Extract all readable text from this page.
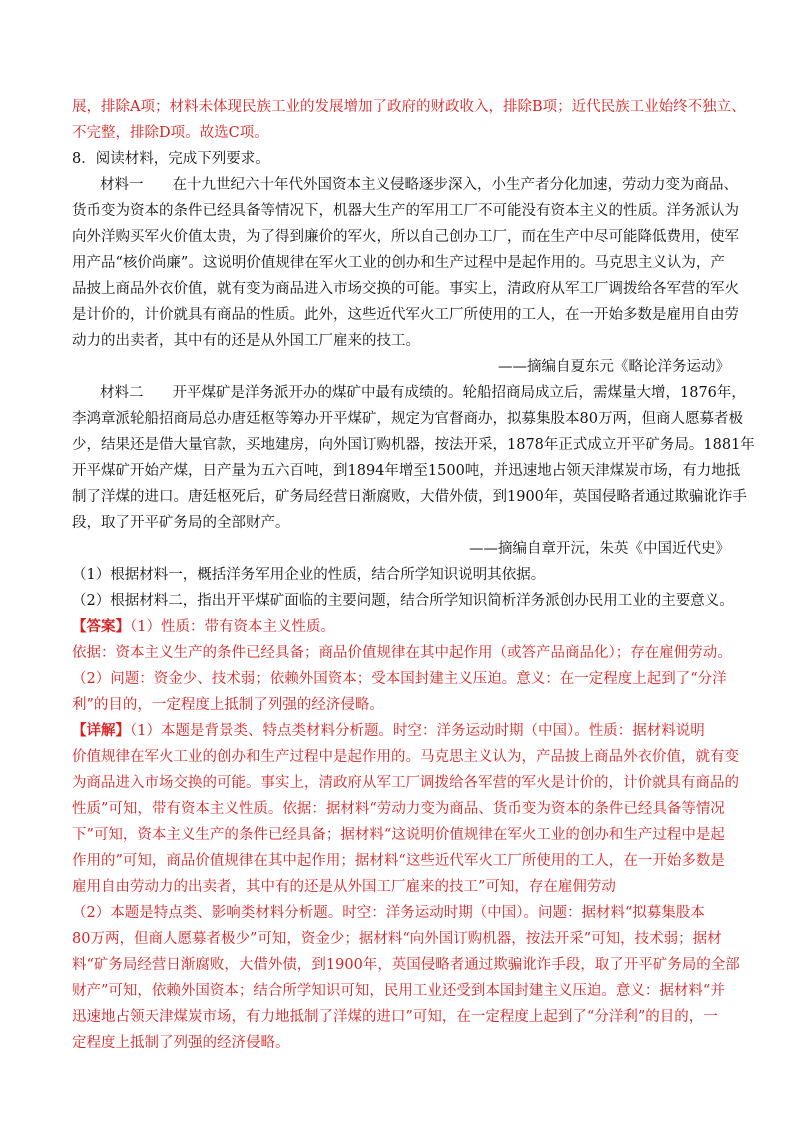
展，排除A项；材料未体现民族工业的发展增加了政府的财政收入，排除B项；近代民族工业始终不独立、
不完整，排除D项。故选C项。
8．阅读材料，完成下列要求。
材料一　　在十九世纪六十年代外国资本主义侵略逐步深入，小生产者分化加速，劳动力变为商品、
货币变为资本的条件已经具备等情况下，机器大生产的军用工厂不可能没有资本主义的性质。洋务派认为
向外洋购买军火价值太贵，为了得到廉价的军火，所以自己创办工厂，而在生产中尽可能降低费用，使军
用产品“核价尚廉”。这说明价值规律在军火工业的创办和生产过程中是起作用的。马克思主义认为，产
品披上商品外衣价值，就有变为商品进入市场交换的可能。事实上，清政府从军工厂调拨给各军营的军火
是计价的，计价就具有商品的性质。此外，这些近代军火工厂所使用的工人，在一开始多数是雇用自由劳
动力的出卖者，其中有的还是从外国工厂雇来的技工。
——摘编自夏东元《略论洋务运动》
材料二　　开平煤矿是洋务派开办的煤矿中最有成绩的。轮船招商局成立后，需煤量大增，1876年，
李鸿章派轮船招商局总办唐廷枢等筹办开平煤矿，规定为官督商办，拟募集股本80万两，但商人愿募者极
少，结果还是借大量官款，买地建房，向外国订购机器，按法开采，1878年正式成立开平矿务局。1881年
开平煤矿开始产煤，日产量为五六百吨，到1894年增至1500吨，并迅速地占领天津煤炭市场，有力地抵
制了洋煤的进口。唐廷枢死后，矿务局经营日渐腐败，大借外债，到1900年，英国侵略者通过欺骗讹诈手
段，取了开平矿务局的全部财产。
——摘编自章开沅，朱英《中国近代史》
（1）根据材料一，概括洋务军用企业的性质，结合所学知识说明其依据。
（2）根据材料二，指出开平煤矿面临的主要问题，结合所学知识简析洋务派创办民用工业的主要意义。
【答案】（1）性质：带有资本主义性质。
依据：资本主义生产的条件已经具备；商品价值规律在其中起作用（或答产品商品化）；存在雇佣劳动。
（2）问题：资金少、技术弱；依赖外国资本；受本国封建主义压迫。意义：在一定程度上起到了“分洋
利”的目的，一定程度上抵制了列强的经济侵略。
【详解】（1）本题是背景类、特点类材料分析题。时空：洋务运动时期（中国）。性质：据材料说明
价值规律在军火工业的创办和生产过程中是起作用的。马克思主义认为，产品披上商品外衣价值，就有变
为商品进入市场交换的可能。事实上，清政府从军工厂调拨给各军营的军火是计价的，计价就具有商品的
性质”可知，带有资本主义性质。依据：据材料“劳动力变为商品、货币变为资本的条件已经具备等情况
下”可知，资本主义生产的条件已经具备；据材料“这说明价值规律在军火工业的创办和生产过程中是起
作用的”可知，商品价值规律在其中起作用；据材料“这些近代军火工厂所使用的工人，在一开始多数是
雇用自由劳动力的出卖者，其中有的还是从外国工厂雇来的技工”可知，存在雇佣劳动
（2）本题是特点类、影响类材料分析题。时空：洋务运动时期（中国）。问题：据材料“拟募集股本
80万两，但商人愿募者极少”可知，资金少；据材料“向外国订购机器，按法开采”可知，技术弱；据材
料“矿务局经营日渐腐败，大借外债，到1900年，英国侵略者通过欺骗讹诈手段，取了开平矿务局的全部
财产”可知，依赖外国资本；结合所学知识可知，民用工业还受到本国封建主义压迫。意义：据材料“并
迅速地占领天津煤炭市场，有力地抵制了洋煤的进口”可知，在一定程度上起到了“分洋利”的目的，一
定程度上抵制了列强的经济侵略。
